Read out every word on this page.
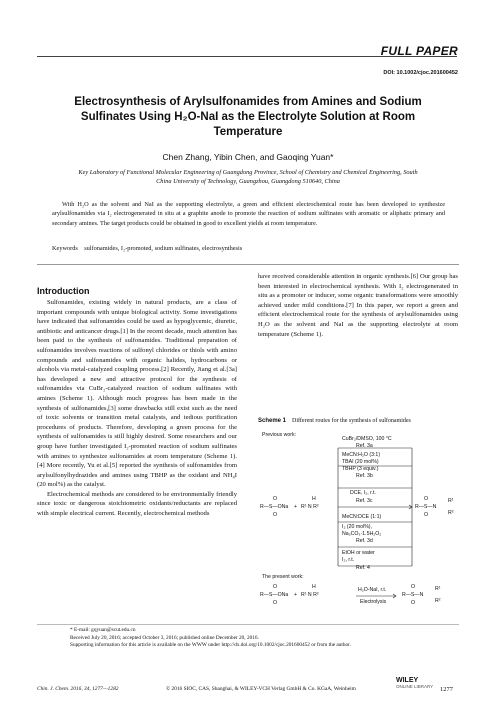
FULL PAPER
DOI: 10.1002/cjoc.201600452
Electrosynthesis of Arylsulfonamides from Amines and Sodium Sulfinates Using H₂O-NaI as the Electrolyte Solution at Room Temperature
Chen Zhang, Yibin Chen, and Gaoqing Yuan*
Key Laboratory of Functional Molecular Engineering of Guangdong Province, School of Chemistry and Chemical Engineering, South China University of Technology, Guangzhou, Guangdong 510640, China
With H₂O as the solvent and NaI as the supporting electrolyte, a green and efficient electrochemical route has been developed to synthesize arylsulfonamides via I₂ electrogenerated in situ at a graphite anode to promote the reaction of sodium sulfinates with aromatic or aliphatic primary and secondary amines. The target products could be obtained in good to excellent yields at room temperature.
Keywords sulfonamides, I₂-promoted, sodium sulfinates, electrosynthesis
Introduction

Sulfonamides, existing widely in natural products, are a class of important compounds with unique biological activity. Some investigations have indicated that sulfonamides could be used as hypoglycemic, diuretic, antibiotic and anticancer drugs.[1] In the recent decade, much attention has been paid to the synthesis of sulfonamides. Traditional preparation of sulfonamides involves reactions of sulfonyl chlorides or thiols with amino compounds and sulfonamides with organic halides, hydrocarbons or alcohols via metal-catalyzed coupling process.[2] Recently, Jiang et al.[3a] has developed a new and attractive protocol for the synthesis of sulfonamides via CuBr₂-catalyzed reaction of sodium sulfinates with amines (Scheme 1). Although much progress has been made in the synthesis of sulfonamides,[3] some drawbacks still exist such as the need of toxic solvents or transition metal catalysts, and tedious purification procedures of products. Therefore, developing a green process for the synthesis of sulfonamides is still highly desired. Some researchers and our group have further investigated I₂-promoted reaction of sodium sulfinates with amines to synthesize sulfonamides at room temperature (Scheme 1).[4] More recently, Yu et al.[5] reported the synthesis of sulfonamides from arylsulfonylhydrazides and amines using TBHP as the oxidant and NH₄I (20 mol%) as the catalyst.

Electrochemical methods are considered to be environmentally friendly since toxic or dangerous stoichiometric oxidants/reductants are replaced with simple electrical current. Recently, electrochemical methods

have received considerable attention in organic synthesis.[6] Our group has been interested in electrochemical synthesis. With I₂ electrogenerated in situ as a promoter or inducer, some organic transformations were smoothly achieved under mild conditions.[7] In this paper, we report a green and efficient electrochemical route for the synthesis of arylsulfonamides using H₂O as the solvent and NaI as the supporting electrolyte at room temperature (Scheme 1).

Scheme 1 Different routes for the synthesis of sulfonamides
Previous work:
CuBr₂/DMSO, 100 °C
Ref. 3a
MeCN:H₂O (3:1)
TBAI (20 mol%)
TBHP (3 equiv.)
Ref. 3b
DCE, I₂, r.t.
Ref. 3c
MeCN:DCE (1:1)
I₂ (20 mol%),
Na₂CO₃·1.5H₂O₂
Ref. 3d
EtOH or water
I₂, r.t.
Ref. 4
R—S—ONa
O
O
+ R¹ N R²
H
R—S—N
O
O
R¹
R²
The present work:
R—S—ONa
O
O
+ R¹ N R²
H	H₂O-NaI, r.t.
Electrolysis
R—S—N
O
O
R¹
R²
* E-mail: gqyuan@scut.edu.cn
Received July 20, 2016; accepted October 3, 2016; published online December 20, 2016.
Supporting information for this article is available on the WWW under http://dx.doi.org/10.1002/cjoc.201600452 or from the author.
Chin. J. Chem. 2016, 34, 1277—1282	© 2016 SIOC, CAS, Shanghai, & WILEY-VCH Verlag GmbH & Co. KGaA, Weinheim
WILEY
ONLINE LIBRARY 1277
